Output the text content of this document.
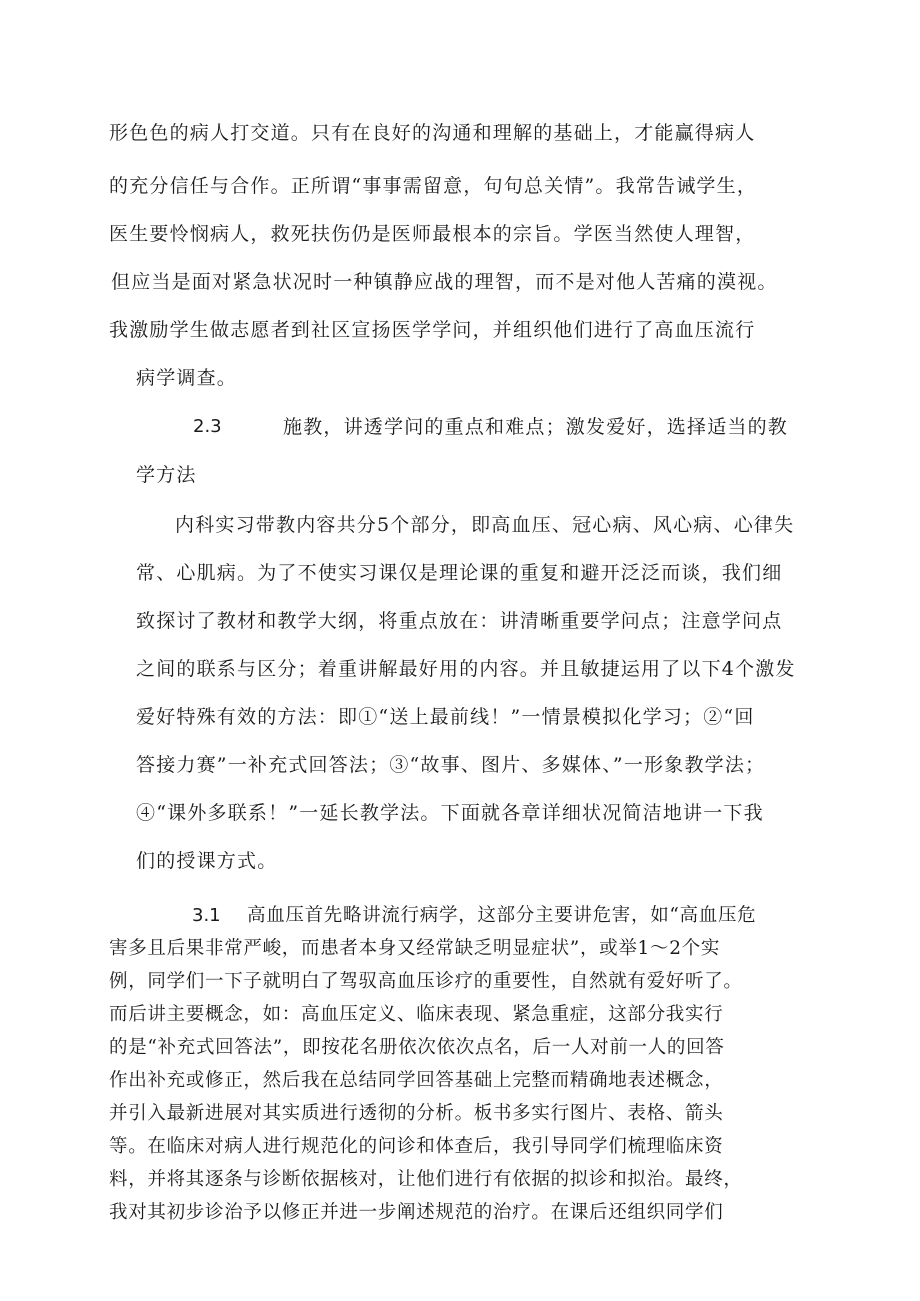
形色色的病人打交道。只有在良好的沟通和理解的基础上，才能赢得病人
的充分信任与合作。正所谓“事事需留意，句句总关情”。我常告诫学生，
医生要怜悯病人，救死扶伤仍是医师最根本的宗旨。学医当然使人理智，
但应当是面对紧急状况时一种镇静应战的理智，而不是对他人苦痛的漠视。
我激励学生做志愿者到社区宣扬医学学问，并组织他们进行了高血压流行
病学调查。
2.3	施教，讲透学问的重点和难点；激发爱好，选择适当的教
学方法
内科实习带教内容共分5个部分，即高血压、冠心病、风心病、心律失
常、心肌病。为了不使实习课仅是理论课的重复和避开泛泛而谈，我们细
致探讨了教材和教学大纲，将重点放在：讲清晰重要学问点；注意学问点
之间的联系与区分；着重讲解最好用的内容。并且敏捷运用了以下4个激发
爱好特殊有效的方法：即①“送上最前线！”一情景模拟化学习；②“回
答接力赛”一补充式回答法；③“故事、图片、多媒体、”一形象教学法；
④“课外多联系！”一延长教学法。下面就各章详细状况简洁地讲一下我
们的授课方式。
3.1 高血压首先略讲流行病学，这部分主要讲危害，如“高血压危
害多且后果非常严峻，而患者本身又经常缺乏明显症状”，或举1～2个实
例，同学们一下子就明白了驾驭高血压诊疗的重要性，自然就有爱好听了。
而后讲主要概念，如：高血压定义、临床表现、紧急重症，这部分我实行
的是“补充式回答法”，即按花名册依次依次点名，后一人对前一人的回答
作出补充或修正，然后我在总结同学回答基础上完整而精确地表述概念，
并引入最新进展对其实质进行透彻的分析。板书多实行图片、表格、箭头
等。在临床对病人进行规范化的问诊和体查后，我引导同学们梳理临床资
料，并将其逐条与诊断依据核对，让他们进行有依据的拟诊和拟治。最终，
我对其初步诊治予以修正并进一步阐述规范的治疗。在课后还组织同学们
